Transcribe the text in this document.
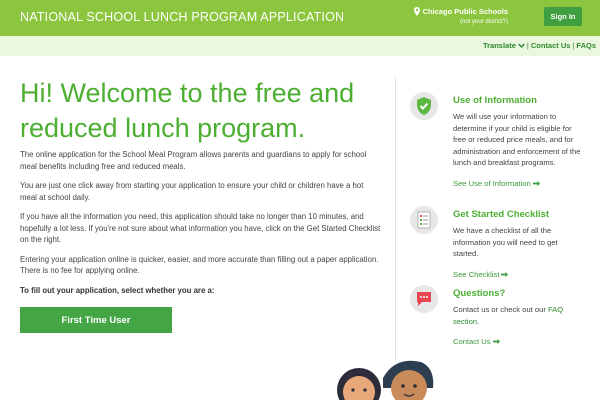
NATIONAL SCHOOL LUNCH PROGRAM APPLICATION	Chicago Public Schools
(not your district?)
Sign In
Translate | Contact Us | FAQs
Hi! Welcome to the free and reduced lunch program.

The online application for the School Meal Program allows parents and guardians to apply for school meal benefits including free and reduced meals.

You are just one click away from starting your application to ensure your child or children have a hot meal at school daily.

If you have all the information you need, this application should take no longer than 10 minutes, and hopefully a lot less. If you're not sure about what information you have, click on the Get Started Checklist on the right.

Entering your application online is quicker, easier, and more accurate than filling out a paper application. There is no fee for applying online.

To fill out your application, select whether you are a:

First Time User
Use of Information
We will use your information to determine if your child is eligible for free or reduced price meals, and for administration and enforcement of the lunch and breakfast programs.
See Use of Information
Get Started Checklist
We have a checklist of all the information you will need to get started.
See Checklist
Questions?
Contact us or check out our FAQ section.
Contact Us
